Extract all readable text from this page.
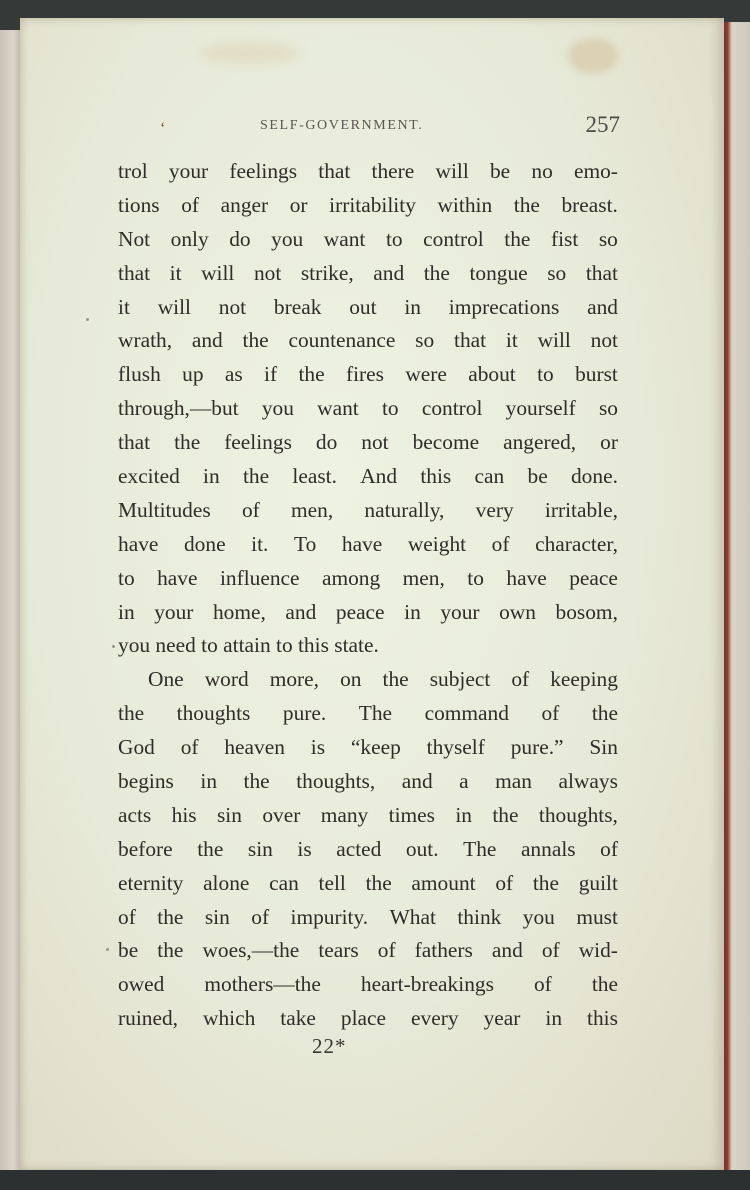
‘	SELF-GOVERNMENT.	257
trol your feelings that there will be no emo-
tions of anger or irritability within the breast.
Not only do you want to control the fist so
that it will not strike, and the tongue so that
it will not break out in imprecations and
wrath, and the countenance so that it will not
flush up as if the fires were about to burst
through,—but you want to control yourself so
that the feelings do not become angered, or
excited in the least. And this can be done.
Multitudes of men, naturally, very irritable,
have done it. To have weight of character,
to have influence among men, to have peace
in your home, and peace in your own bosom,
you need to attain to this state.
One word more, on the subject of keeping
the thoughts pure. The command of the
God of heaven is “keep thyself pure.” Sin
begins in the thoughts, and a man always
acts his sin over many times in the thoughts,
before the sin is acted out. The annals of
eternity alone can tell the amount of the guilt
of the sin of impurity. What think you must
be the woes,—the tears of fathers and of wid-
owed mothers—the heart-breakings of the
ruined, which take place every year in this
22*
